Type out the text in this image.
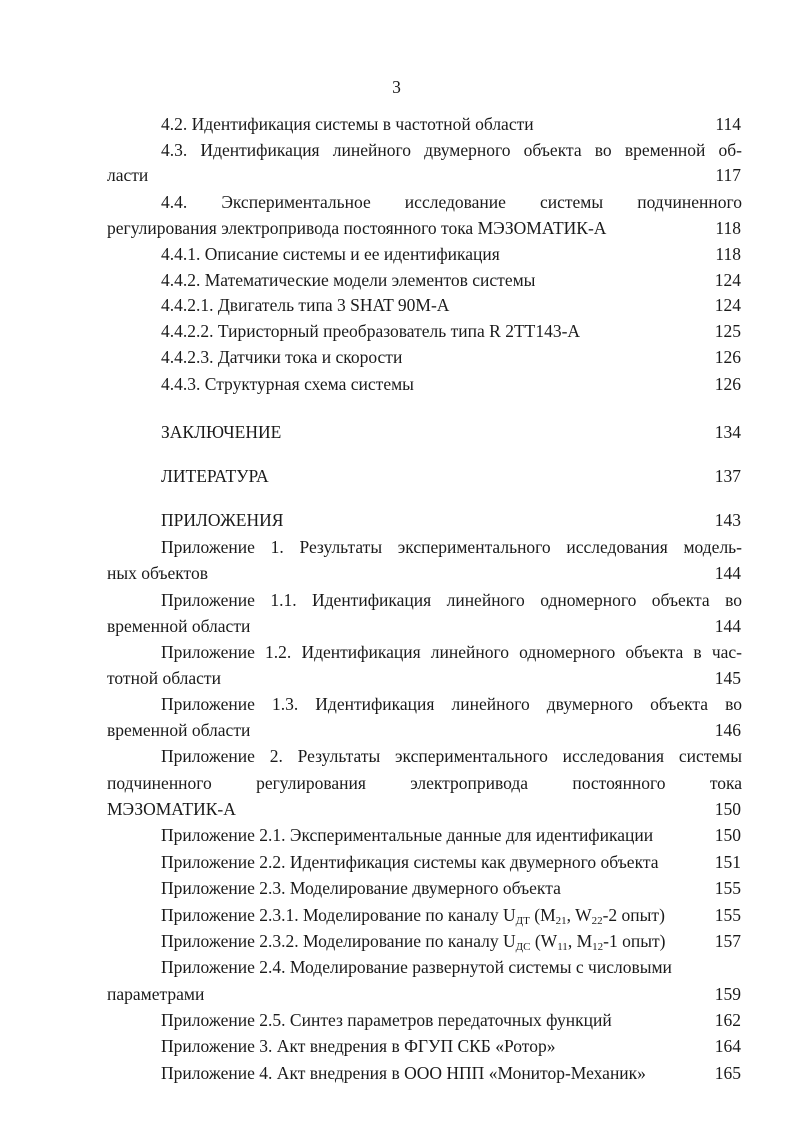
3
4.2. Идентификация системы в частотной области	114
4.3. Идентификация линейного двумерного объекта во временной об-
ласти	117
4.4. Экспериментальное исследование системы подчиненного
регулирования электропривода постоянного тока МЭЗОМАТИК-А	118
4.4.1. Описание системы и ее идентификация	118
4.4.2. Математические модели элементов системы	124
4.4.2.1. Двигатель типа 3 SHAT 90M-A	124
4.4.2.2. Тиристорный преобразователь типа R 2TT143-A	125
4.4.2.3. Датчики тока и скорости	126
4.4.3. Структурная схема системы	126
ЗАКЛЮЧЕНИЕ	134
ЛИТЕРАТУРА	137
ПРИЛОЖЕНИЯ	143
Приложение 1. Результаты экспериментального исследования модель-
ных объектов	144
Приложение 1.1. Идентификация линейного одномерного объекта во
временной области	144
Приложение 1.2. Идентификация линейного одномерного объекта в час-
тотной области	145
Приложение 1.3. Идентификация линейного двумерного объекта во
временной области	146
Приложение 2. Результаты экспериментального исследования системы
подчиненного регулирования электропривода постоянного тока
МЭЗОМАТИК-А	150
Приложение 2.1. Экспериментальные данные для идентификации	150
Приложение 2.2. Идентификация системы как двумерного объекта	151
Приложение 2.3. Моделирование двумерного объекта	155
Приложение 2.3.1. Моделирование по каналу $U_{ДТ}$ ($M_{21}$, $W_{22}-2$ опыт)	155
Приложение 2.3.2. Моделирование по каналу $U_{ДС}$ ($W_{11}$, $M_{12}-1$ опыт)	157
Приложение 2.4. Моделирование развернутой системы с числовыми
параметрами	159
Приложение 2.5. Синтез параметров передаточных функций	162
Приложение 3. Акт внедрения в ФГУП СКБ «Ротор»	164
Приложение 4. Акт внедрения в ООО НПП «Монитор-Механик»	165
